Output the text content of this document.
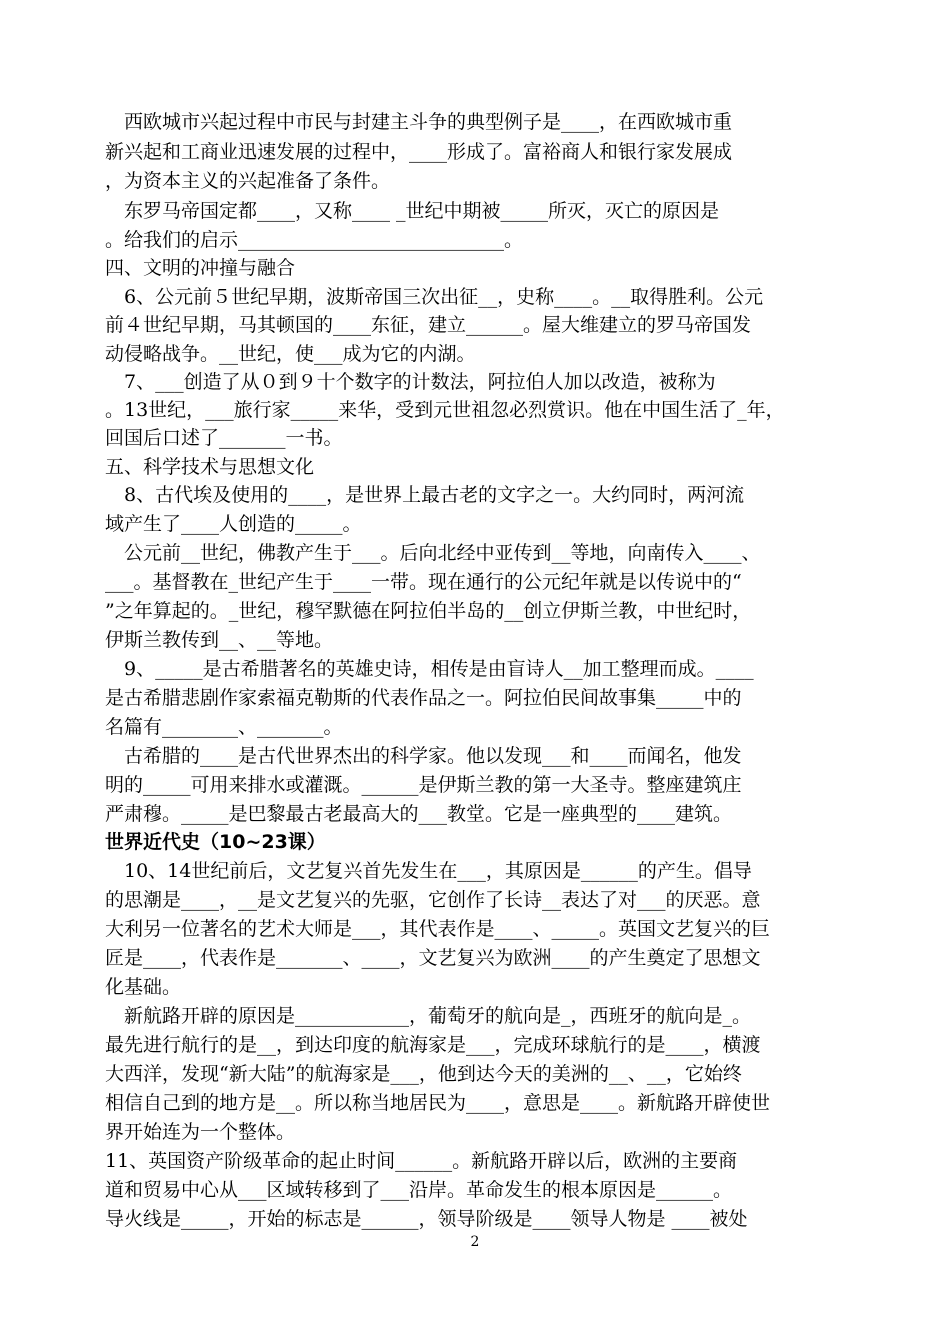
　西欧城市兴起过程中市民与封建主斗争的典型例子是____，在西欧城市重
新兴起和工商业迅速发展的过程中，____形成了。富裕商人和银行家发展成
，为资本主义的兴起准备了条件。
　东罗马帝国定都____，又称____ _世纪中期被_____所灭，灭亡的原因是
。给我们的启示____________________________。
四、文明的冲撞与融合
　6、公元前５世纪早期，波斯帝国三次出征__，史称____。__取得胜利。公元
前４世纪早期，马其顿国的____东征，建立______。屋大维建立的罗马帝国发
动侵略战争。__世纪，使___成为它的内湖。
　7、___创造了从０到９十个数字的计数法，阿拉伯人加以改造，被称为
。13世纪，___旅行家_____来华，受到元世祖忽必烈赏识。他在中国生活了_年，
回国后口述了_______一书。
五、科学技术与思想文化
　8、古代埃及使用的____，是世界上最古老的文字之一。大约同时，两河流
域产生了____人创造的_____。
　公元前__世纪，佛教产生于___。后向北经中亚传到__等地，向南传入____、
___。基督教在_世纪产生于____一带。现在通行的公元纪年就是以传说中的“
”之年算起的。_世纪，穆罕默德在阿拉伯半岛的__创立伊斯兰教，中世纪时，
伊斯兰教传到__、__等地。
　9、_____是古希腊著名的英雄史诗，相传是由盲诗人__加工整理而成。____
是古希腊悲剧作家索福克勒斯的代表作品之一。阿拉伯民间故事集_____中的
名篇有________、_______。
　古希腊的____是古代世界杰出的科学家。他以发现___和____而闻名，他发
明的_____可用来排水或灌溉。______是伊斯兰教的第一大圣寺。整座建筑庄
严肃穆。_____是巴黎最古老最高大的___教堂。它是一座典型的____建筑。
世界近代史（10~23课）
　10、14世纪前后，文艺复兴首先发生在___，其原因是______的产生。倡导
的思潮是____，__是文艺复兴的先驱，它创作了长诗__表达了对___的厌恶。意
大利另一位著名的艺术大师是___，其代表作是____、_____。英国文艺复兴的巨
匠是____，代表作是_______、____，文艺复兴为欧洲____的产生奠定了思想文
化基础。
　新航路开辟的原因是____________，葡萄牙的航向是_，西班牙的航向是_。
最先进行航行的是__，到达印度的航海家是___，完成环球航行的是____，横渡
大西洋，发现“新大陆”的航海家是___，他到达今天的美洲的__、__，它始终
相信自己到的地方是__。所以称当地居民为____，意思是____。新航路开辟使世
界开始连为一个整体。
11、英国资产阶级革命的起止时间______。新航路开辟以后，欧洲的主要商
道和贸易中心从___区域转移到了___沿岸。革命发生的根本原因是______。
导火线是_____，开始的标志是______，领导阶级是____领导人物是 ____被处
2
